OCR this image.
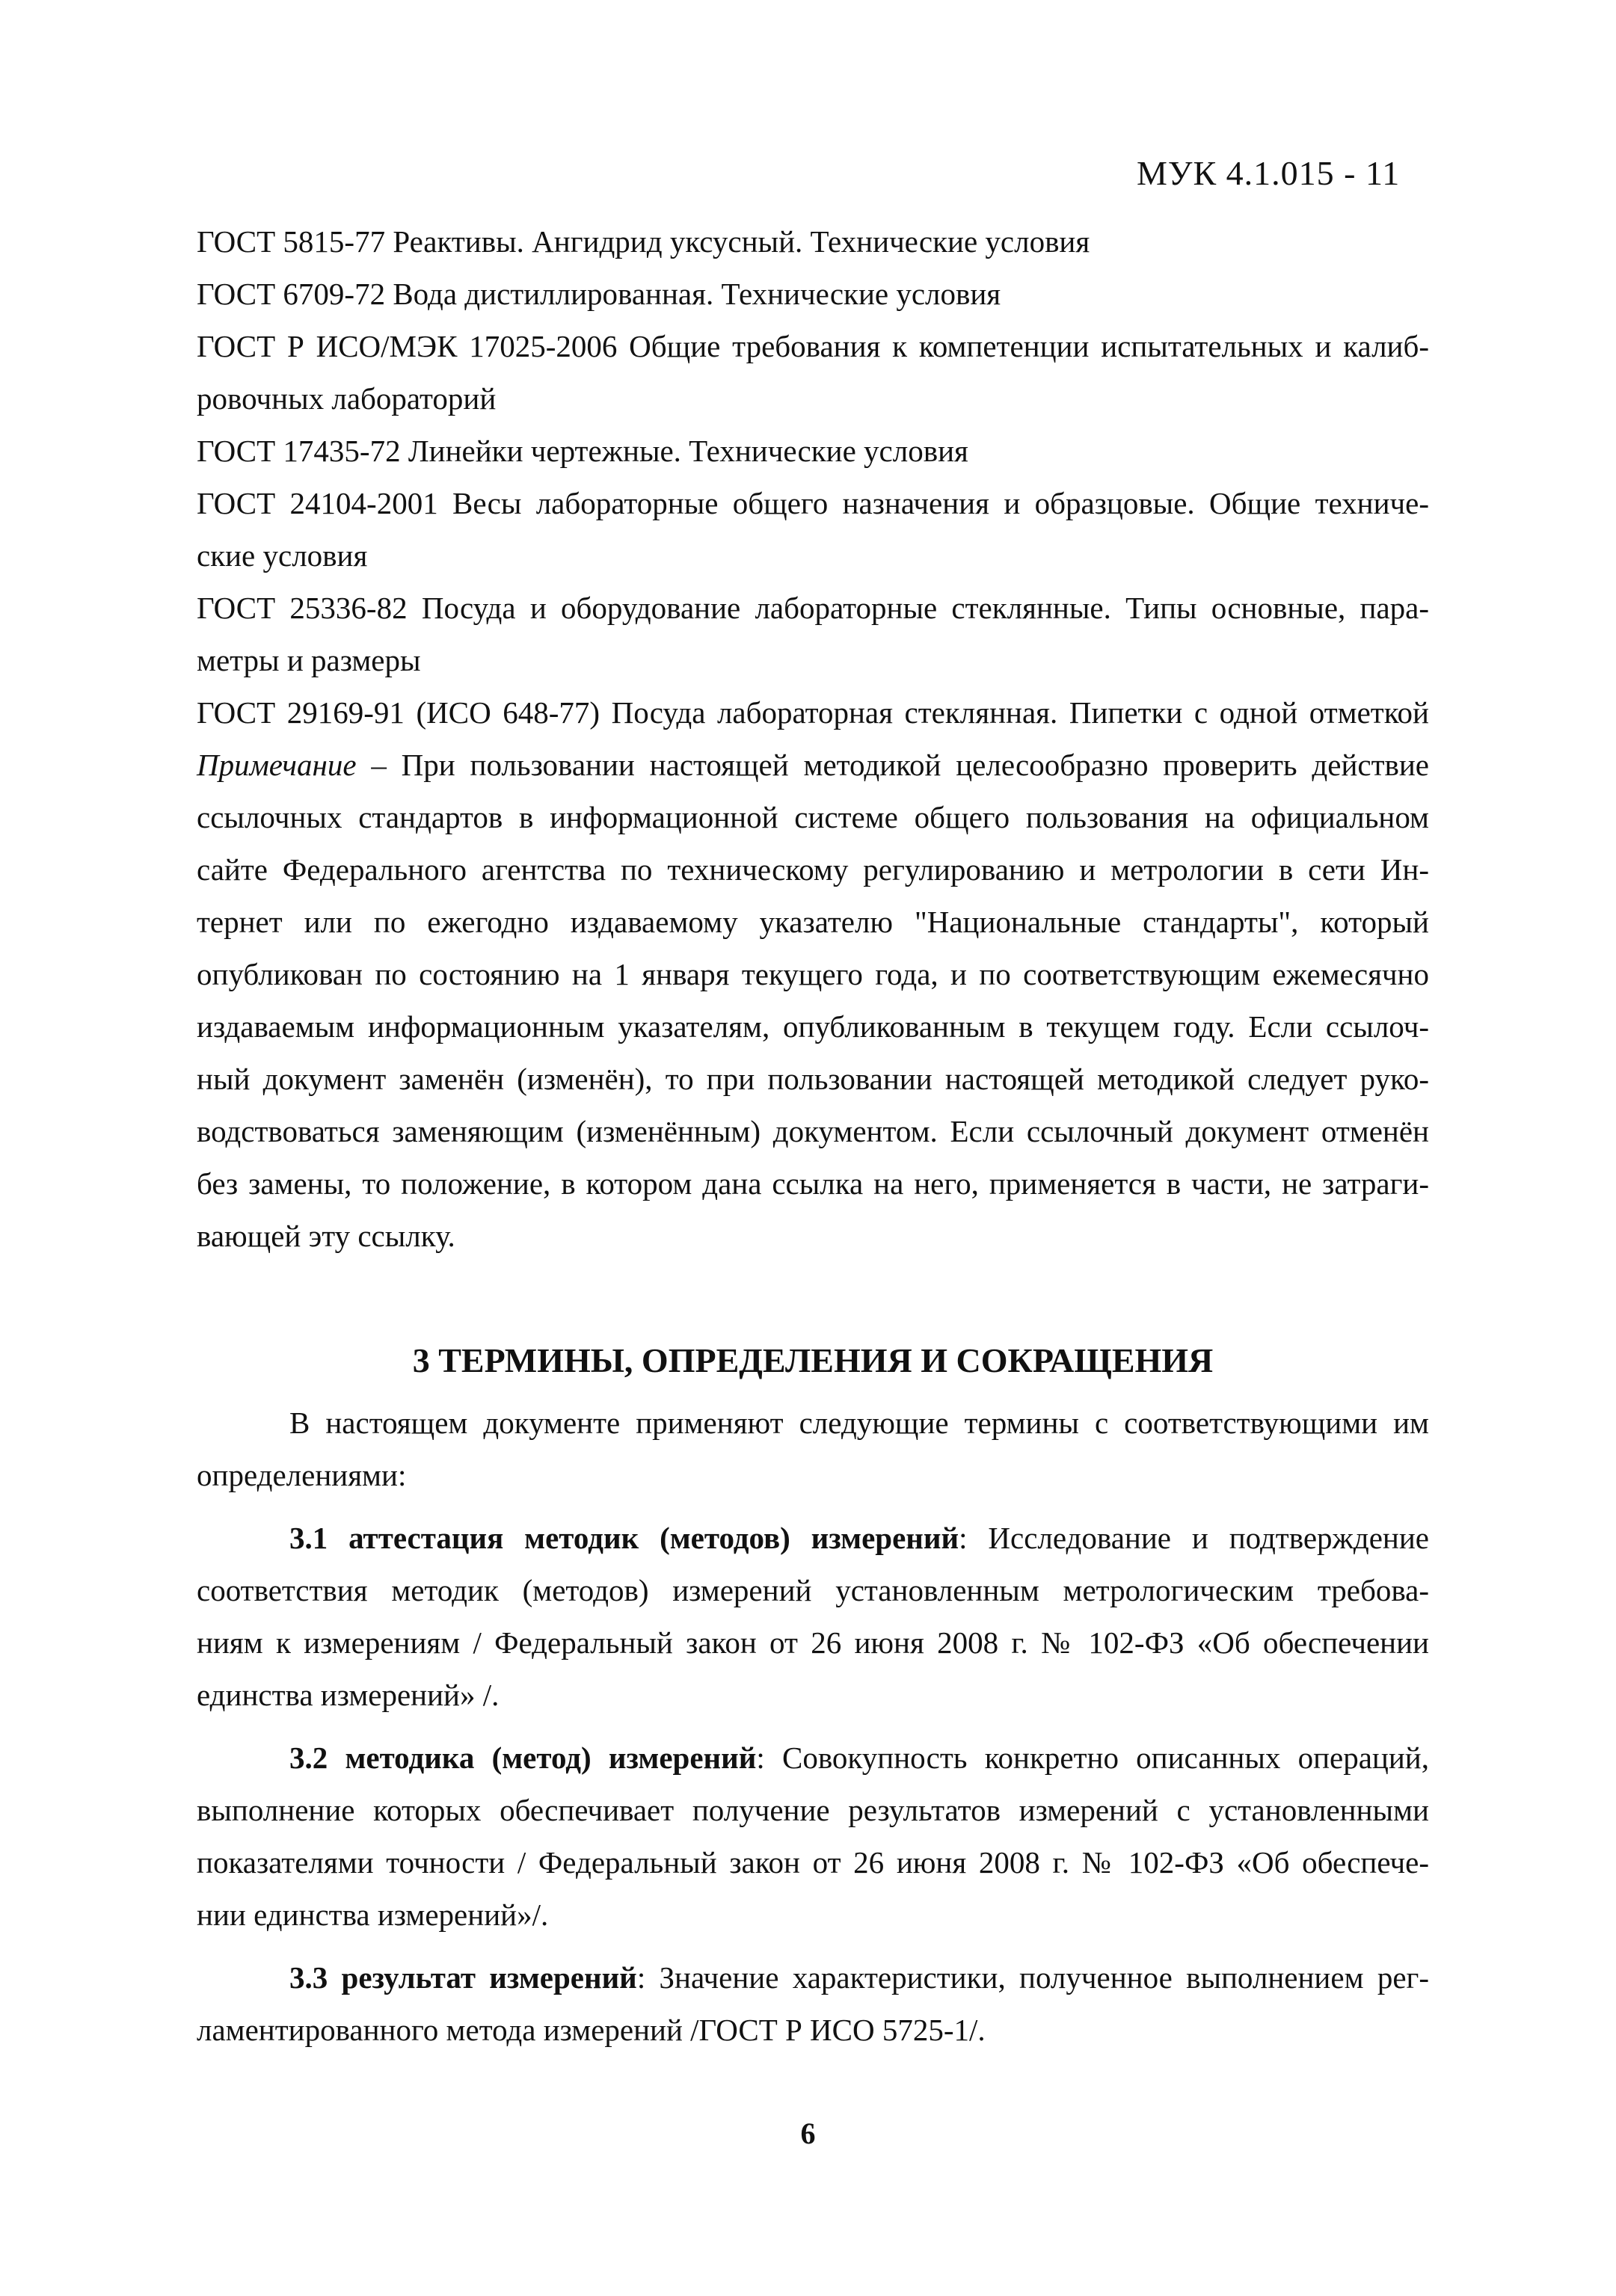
МУК 4.1.015 - 11
ГОСТ 5815-77 Реактивы. Ангидрид уксусный. Технические условия
ГОСТ 6709-72 Вода дистиллированная. Технические условия
ГОСТ Р ИСО/МЭК 17025-2006 Общие требования к компетенции испытательных и калиб-
ровочных лабораторий
ГОСТ 17435-72 Линейки чертежные. Технические условия
ГОСТ 24104-2001 Весы лабораторные общего назначения и образцовые. Общие техниче-
ские условия
ГОСТ 25336-82 Посуда и оборудование лабораторные стеклянные. Типы основные, пара-
метры и размеры
ГОСТ 29169-91 (ИСО 648-77) Посуда лабораторная стеклянная. Пипетки с одной отметкой
Примечание – При пользовании настоящей методикой целесообразно проверить действие
ссылочных стандартов в информационной системе общего пользования на официальном
сайте Федерального агентства по техническому регулированию и метрологии в сети Ин-
тернет или по ежегодно издаваемому указателю "Национальные стандарты", который
опубликован по состоянию на 1 января текущего года, и по соответствующим ежемесячно
издаваемым информационным указателям, опубликованным в текущем году. Если ссылоч-
ный документ заменён (изменён), то при пользовании настоящей методикой следует руко-
водствоваться заменяющим (изменённым) документом. Если ссылочный документ отменён
без замены, то положение, в котором дана ссылка на него, применяется в части, не затраги-
вающей эту ссылку.
3 ТЕРМИНЫ, ОПРЕДЕЛЕНИЯ И СОКРАЩЕНИЯ
В настоящем документе применяют следующие термины с соответствующими им
определениями:
3.1 аттестация методик (методов) измерений: Исследование и подтверждение
соответствия методик (методов) измерений установленным метрологическим требова-
ниям к измерениям / Федеральный закон от 26 июня 2008 г. № 102-ФЗ «Об обеспечении
единства измерений» /.
3.2 методика (метод) измерений: Совокупность конкретно описанных операций,
выполнение которых обеспечивает получение результатов измерений с установленными
показателями точности / Федеральный закон от 26 июня 2008 г. № 102-ФЗ «Об обеспече-
нии единства измерений»/.
3.3 результат измерений: Значение характеристики, полученное выполнением рег-
ламентированного метода измерений /ГОСТ Р ИСО 5725-1/.
6
